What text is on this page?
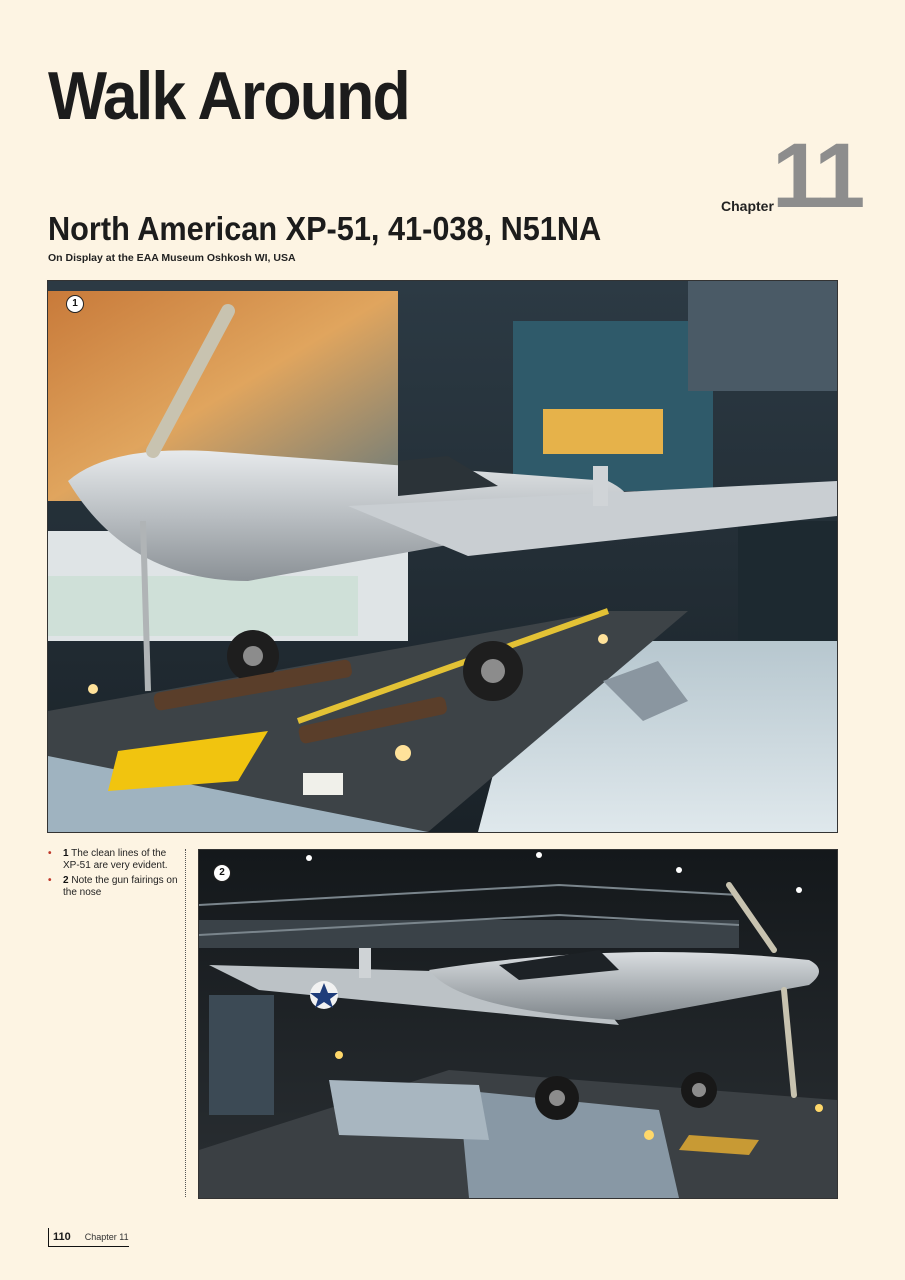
Walk Around
Chapter
11
North American XP-51, 41-038, N51NA
On Display at the EAA Museum Oshkosh WI, USA
1
• 1 The clean lines of the XP-51 are very evident.
• 2 Note the gun fairings on the nose
2
110	Chapter 11
